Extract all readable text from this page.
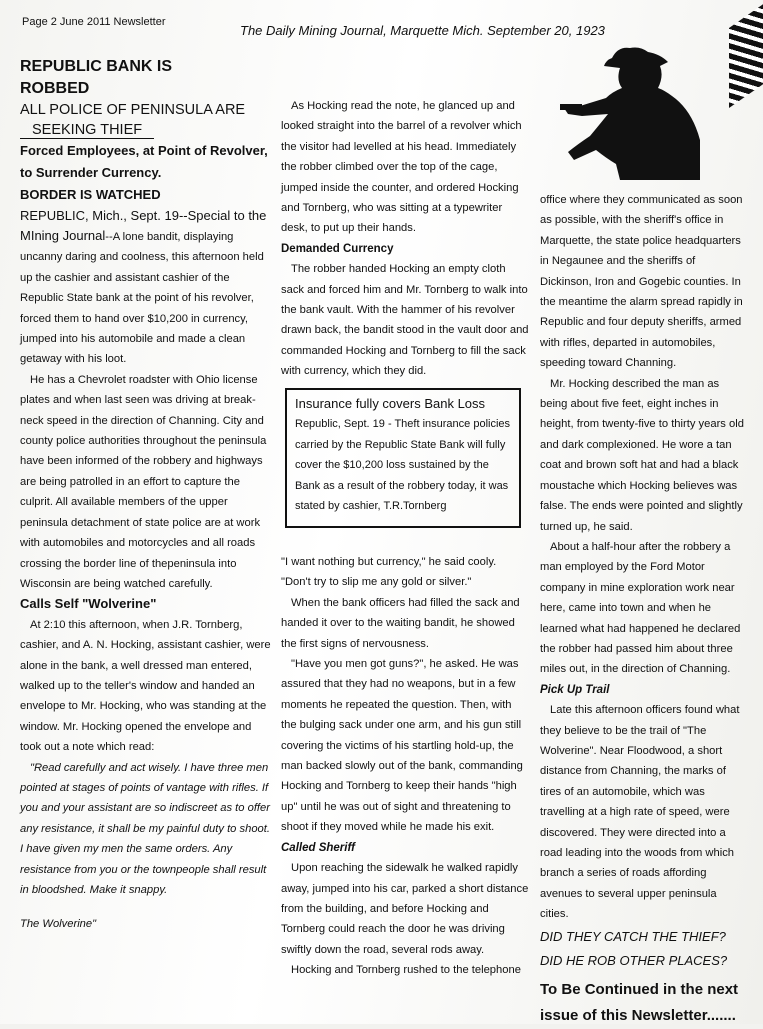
Page 2 June 2011 Newsletter
The Daily Mining Journal, Marquette Mich. September 20, 1923

REPUBLIC BANK IS

ROBBED

ALL POLICE OF PENINSULA ARE

SEEKING THIEF

Forced Employees, at Point of Revolver,

to Surrender Currency.

BORDER IS WATCHED

REPUBLIC, Mich., Sept. 19--Special to the

MIning Journal--A lone bandit, displaying uncanny daring and coolness, this afternoon held up the cashier and assistant cashier of the Republic State bank at the point of his revolver, forced them to hand over $10,200 in currency, jumped into his automobile and made a clean getaway with his loot.

He has a Chevrolet roadster with Ohio license plates and when last seen was driving at break-neck speed in the direction of Channing. City and county police authorities throughout the peninsula have been informed of the robbery and highways are being patrolled in an effort to capture the culprit. All available members of the upper peninsula detachment of state police are at work with automobiles and motorcycles and all roads crossing the border line of thepeninsula into Wisconsin are being watched carefully.

Calls Self "Wolverine"

At 2:10 this afternoon, when J.R. Tornberg, cashier, and A. N. Hocking, assistant cashier, were alone in the bank, a well dressed man entered, walked up to the teller's window and handed an envelope to Mr. Hocking, who was standing at the window. Mr. Hocking opened the envelope and took out a note which read:

"Read carefully and act wisely. I have three men pointed at stages of points of vantage with rifles. If you and your assistant are so indiscreet as to offer any resistance, it shall be my painful duty to shoot. I have given my men the same orders. Any resistance from you or the townpeople shall result in bloodshed. Make it snappy.

The Wolverine"

As Hocking read the note, he glanced up and looked straight into the barrel of a revolver which the visitor had levelled at his head. Immediately the robber climbed over the top of the cage, jumped inside the counter, and ordered Hocking and Tornberg, who was sitting at a typewriter desk, to put up their hands.

Demanded Currency

The robber handed Hocking an empty cloth sack and forced him and Mr. Tornberg to walk into the bank vault. With the hammer of his revolver drawn back, the bandit stood in the vault door and commanded Hocking and Tornberg to fill the sack with currency, which they did.

Insurance fully covers Bank Loss

Republic, Sept. 19 - Theft insurance policies carried by the Republic State Bank will fully cover the $10,200 loss sustained by the Bank as a result of the robbery today, it was stated by cashier, T.R.Tornberg

"I want nothing but currency," he said cooly. "Don't try to slip me any gold or silver."

When the bank officers had filled the sack and handed it over to the waiting bandit, he showed the first signs of nervousness.

"Have you men got guns?", he asked. He was assured that they had no weapons, but in a few moments he repeated the question. Then, with the bulging sack under one arm, and his gun still covering the victims of his startling hold-up, the man backed slowly out of the bank, commanding Hocking and Tornberg to keep their hands "high up" until he was out of sight and threatening to shoot if they moved while he made his exit.

Called Sheriff

Upon reaching the sidewalk he walked rapidly away, jumped into his car, parked a short distance from the building, and before Hocking and Tornberg could reach the door he was driving swiftly down the road, several rods away.

Hocking and Tornberg rushed to the telephone

office where they communicated as soon as possible, with the sheriff's office in Marquette, the state police headquarters in Negaunee and the sheriffs of Dickinson, Iron and Gogebic counties. In the meantime the alarm spread rapidly in Republic and four deputy sheriffs, armed with rifles, departed in automobiles, speeding toward Channing.

Mr. Hocking described the man as being about five feet, eight inches in height, from twenty-five to thirty years old and dark complexioned. He wore a tan coat and brown soft hat and had a black moustache which Hocking believes was false. The ends were pointed and slightly turned up, he said.

About a half-hour after the robbery a man employed by the Ford Motor company in mine exploration work near here, came into town and when he learned what had happened he declared the robber had passed him about three miles out, in the direction of Channing.

Pick Up Trail

Late this afternoon officers found what they believe to be the trail of "The Wolverine". Near Floodwood, a short distance from Channing, the marks of tires of an automobile, which was travelling at a high rate of speed, were discovered. They were directed into a road leading into the woods from which branch a series of roads affording avenues to several upper peninsula cities.

DID THEY CATCH THE THIEF?

DID HE ROB OTHER PLACES?

To Be Continued in the next issue of this Newsletter.......
